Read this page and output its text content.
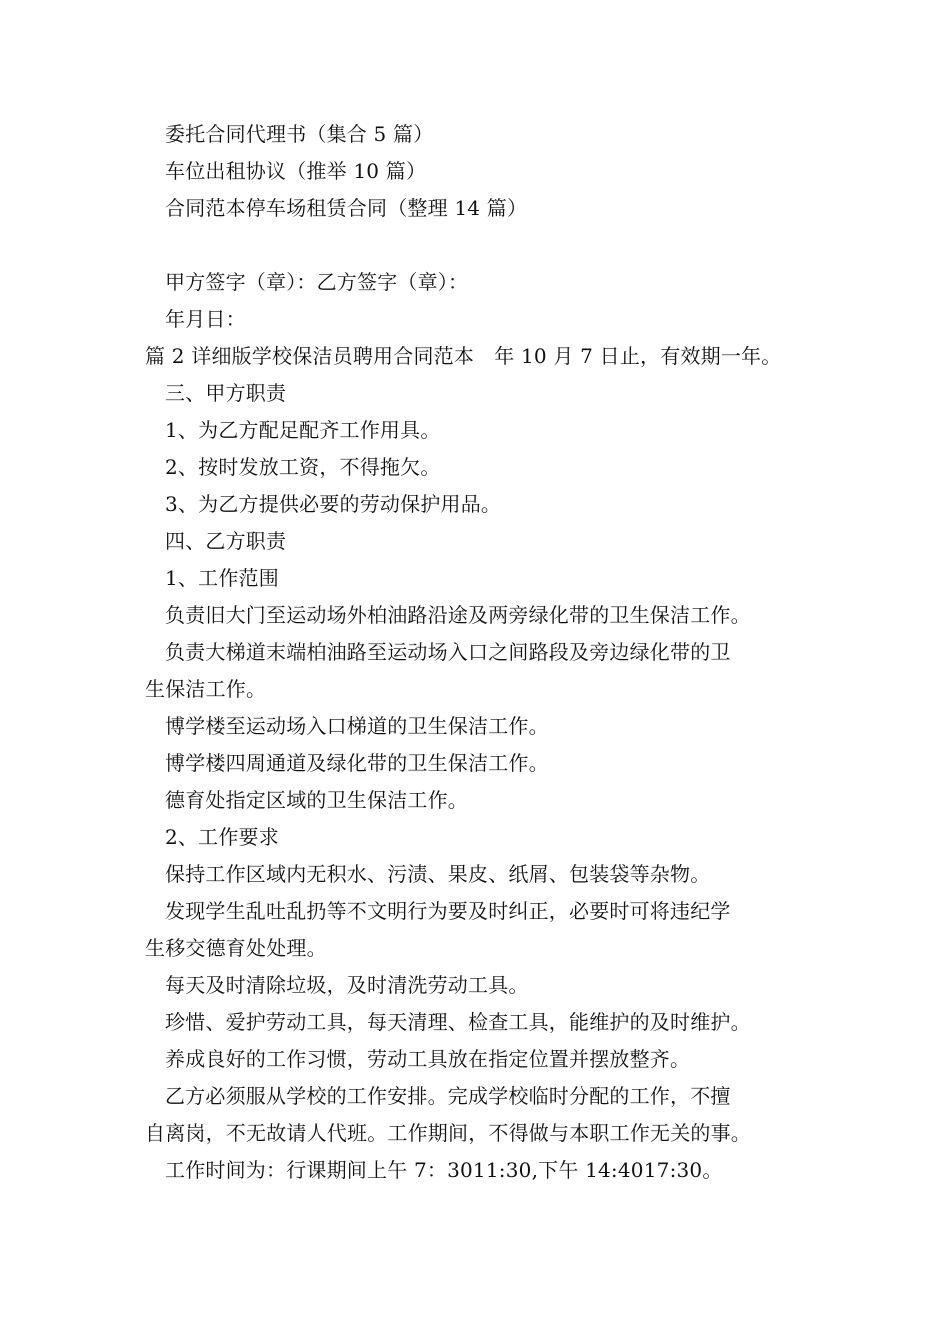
委托合同代理书（集合 5 篇）
车位出租协议（推举 10 篇）
合同范本停车场租赁合同（整理 14 篇）
甲方签字（章）：乙方签字（章）：
年月日：
篇 2 详细版学校保洁员聘用合同范本　年 10 月 7 日止，有效期一年。
三、甲方职责
1、为乙方配足配齐工作用具。
2、按时发放工资，不得拖欠。
3、为乙方提供必要的劳动保护用品。
四、乙方职责
1、工作范围
负责旧大门至运动场外柏油路沿途及两旁绿化带的卫生保洁工作。
负责大梯道末端柏油路至运动场入口之间路段及旁边绿化带的卫
生保洁工作。
博学楼至运动场入口梯道的卫生保洁工作。
博学楼四周通道及绿化带的卫生保洁工作。
德育处指定区域的卫生保洁工作。
2、工作要求
保持工作区域内无积水、污渍、果皮、纸屑、包装袋等杂物。
发现学生乱吐乱扔等不文明行为要及时纠正，必要时可将违纪学
生移交德育处处理。
每天及时清除垃圾，及时清洗劳动工具。
珍惜、爱护劳动工具，每天清理、检查工具，能维护的及时维护。
养成良好的工作习惯，劳动工具放在指定位置并摆放整齐。
乙方必须服从学校的工作安排。完成学校临时分配的工作，不擅
自离岗，不无故请人代班。工作期间，不得做与本职工作无关的事。
工作时间为：行课期间上午 7：3011:30,下午 14:4017:30。
